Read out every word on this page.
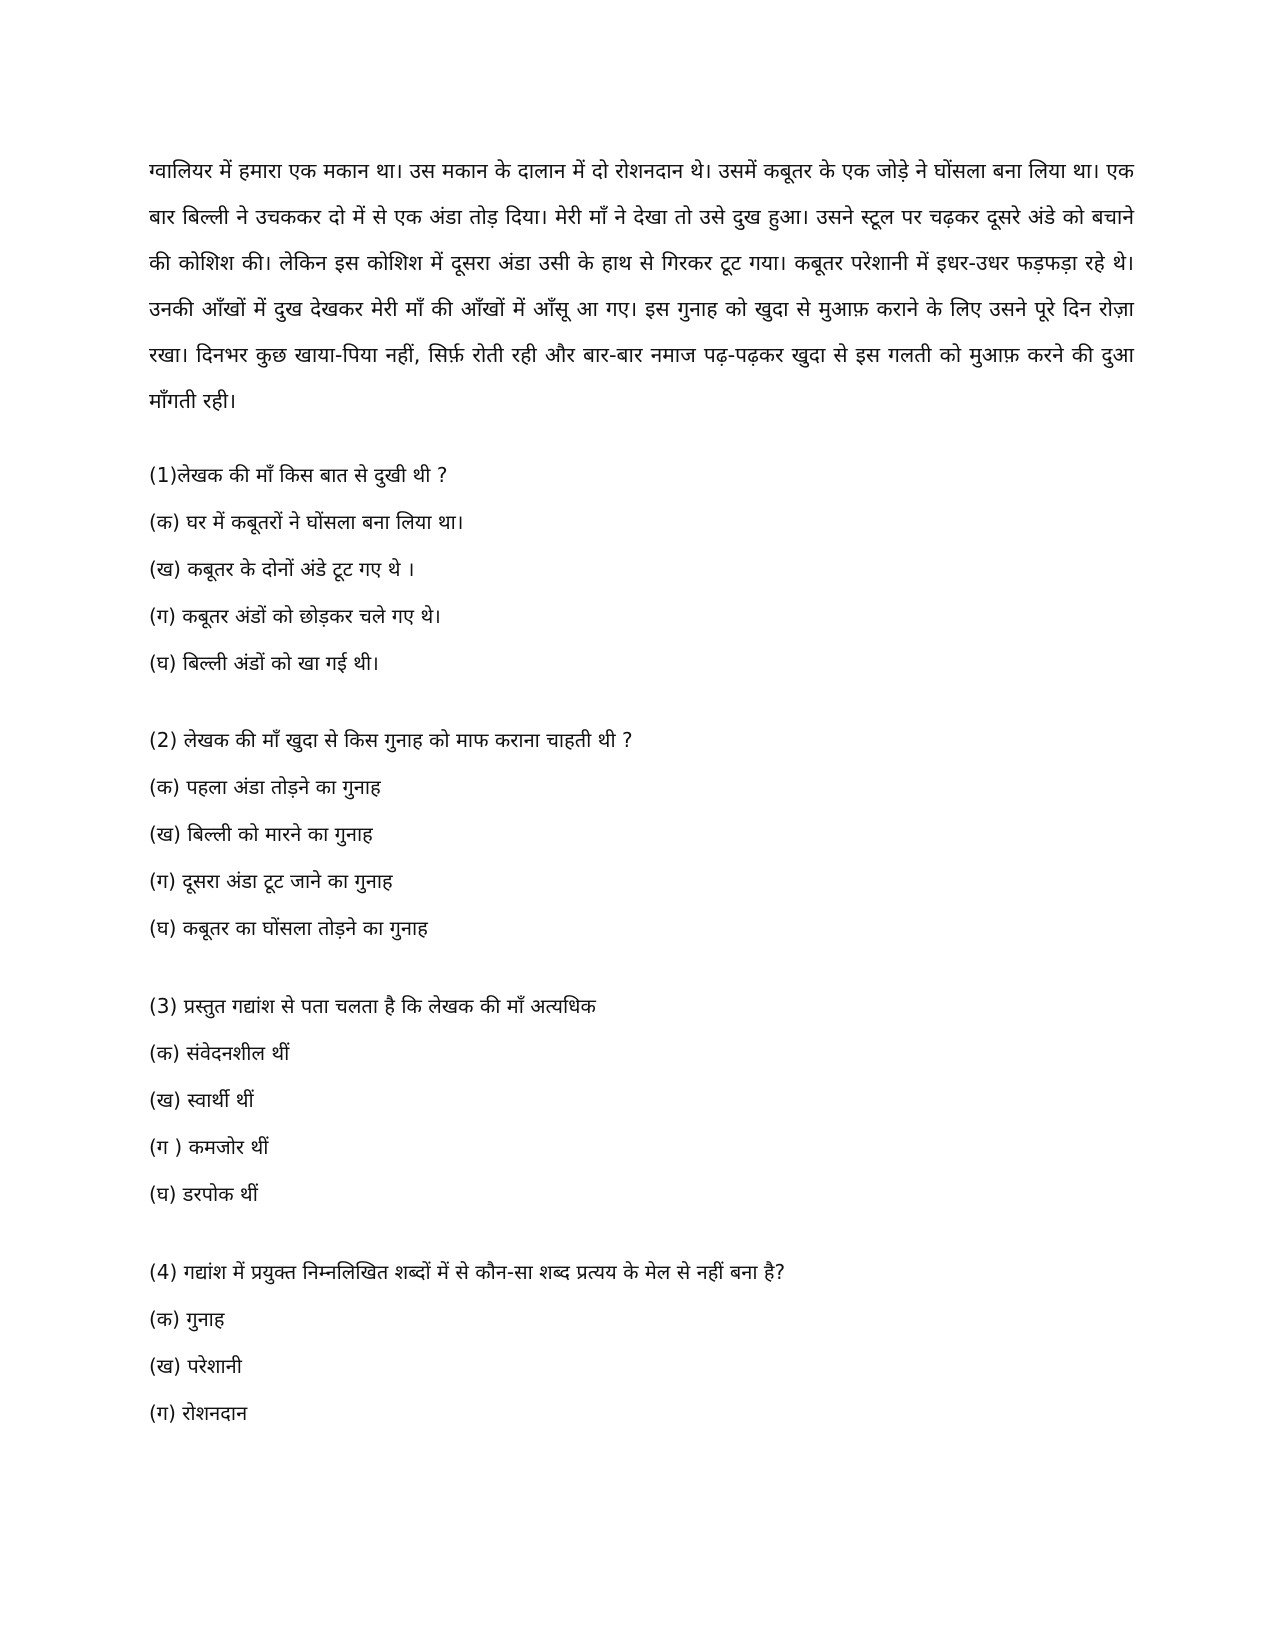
ग्वालियर में हमारा एक मकान था। उस मकान के दालान में दो रोशनदान थे। उसमें कबूतर के एक जोड़े ने घोंसला बना लिया था। एक बार बिल्ली ने उचककर दो में से एक अंडा तोड़ दिया। मेरी माँ ने देखा तो उसे दुख हुआ। उसने स्टूल पर चढ़कर दूसरे अंडे को बचाने की कोशिश की। लेकिन इस कोशिश में दूसरा अंडा उसी के हाथ से गिरकर टूट गया। कबूतर परेशानी में इधर-उधर फड़फड़ा रहे थे। उनकी आँखों में दुख देखकर मेरी माँ की आँखों में आँसू आ गए। इस गुनाह को खुदा से मुआफ़ कराने के लिए उसने पूरे दिन रोज़ा रखा। दिनभर कुछ खाया-पिया नहीं, सिर्फ़ रोती रही और बार-बार नमाज पढ़-पढ़कर खुदा से इस गलती को मुआफ़ करने की दुआ माँगती रही।

(1)लेखक की माँ किस बात से दुखी थी ?

(क) घर में कबूतरों ने घोंसला बना लिया था।

(ख) कबूतर के दोनों अंडे टूट गए थे ।

(ग) कबूतर अंडों को छोड़कर चले गए थे।

(घ) बिल्ली अंडों को खा गई थी।

(2) लेखक की माँ खुदा से किस गुनाह को माफ कराना चाहती थी ?

(क) पहला अंडा तोड़ने का गुनाह

(ख) बिल्ली को मारने का गुनाह

(ग) दूसरा अंडा टूट जाने का गुनाह

(घ) कबूतर का घोंसला तोड़ने का गुनाह

(3) प्रस्तुत गद्यांश से पता चलता है कि लेखक की माँ अत्यधिक

(क) संवेदनशील थीं

(ख) स्वार्थी थीं

(ग ) कमजोर थीं

(घ) डरपोक थीं

(4) गद्यांश में प्रयुक्त निम्नलिखित शब्दों में से कौन-सा शब्द प्रत्यय के मेल से नहीं बना है?

(क) गुनाह

(ख) परेशानी

(ग) रोशनदान
